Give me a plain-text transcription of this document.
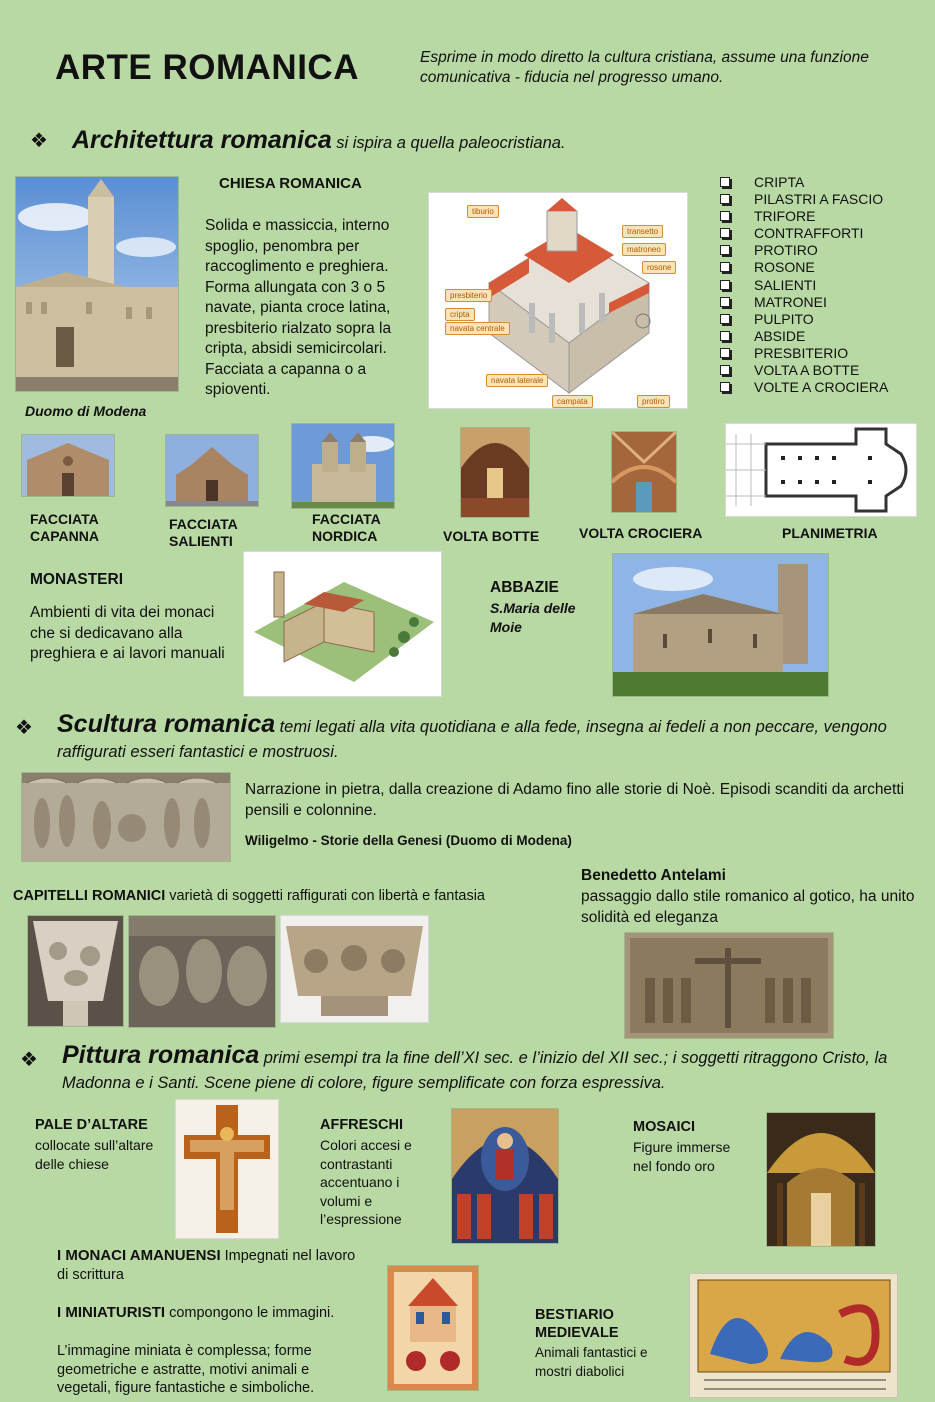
ARTE ROMANICA	Esprime in modo diretto la cultura cristiana, assume una funzione comunicativa - fiducia nel progresso umano.
❖ Architettura romanica si ispira a quella paleocristiana.
Duomo di Modena
CHIESA ROMANICA
Solida e massiccia, interno spoglio, penombra per raccoglimento e preghiera. Forma allungata con 3 o 5 navate, pianta croce latina, presbiterio rialzato sopra la cripta, absidi semicircolari. Facciata a capanna o a spioventi.
tiburio
transetto
matroneo
rosone
presbiterio
cripta
navata centrale
navata laterale
campata	protiro
CRIPTA
PILASTRI A FASCIO
TRIFORE
CONTRAFFORTI
PROTIRO
ROSONE
SALIENTI
MATRONEI
PULPITO
ABSIDE
PRESBITERIO
VOLTA A BOTTE
VOLTE A CROCIERA
FACCIATA CAPANNA
FACCIATA SALIENTI
FACCIATA NORDICA	VOLTA BOTTE	VOLTA CROCIERA	PLANIMETRIA
MONASTERI
Ambienti di vita dei monaci che si dedicavano alla preghiera e ai lavori manuali
ABBAZIE
S.Maria delle Moie
❖ Scultura romanica temi legati alla vita quotidiana e alla fede, insegna ai fedeli a non peccare, vengono raffigurati esseri fantastici e mostruosi.
Narrazione in pietra, dalla creazione di Adamo fino alle storie di Noè. Episodi scanditi da archetti pensili e colonnine.
Wiligelmo - Storie della Genesi (Duomo di Modena)
CAPITELLI ROMANICI varietà di soggetti raffigurati con libertà e fantasia
Benedetto Antelami
passaggio dallo stile romanico al gotico, ha unito solidità ed eleganza
❖ Pittura romanica primi esempi tra la fine dell’XI sec. e l’inizio del XII sec.; i soggetti ritraggono Cristo, la Madonna e i Santi. Scene piene di colore, figure semplificate con forza espressiva.
PALE D’ALTARE
collocate sull’altare delle chiese
AFFRESCHI
Colori accesi e contrastanti accentuano i volumi e l’espressione
MOSAICI
Figure immerse nel fondo oro
I MONACI AMANUENSI Impegnati nel lavoro di scrittura
I MINIATURISTI compongono le immagini.
L’immagine miniata è complessa; forme geometriche e astratte, motivi animali e vegetali, figure fantastiche e simboliche.
BESTIARIO MEDIEVALE
Animali fantastici e mostri diabolici
